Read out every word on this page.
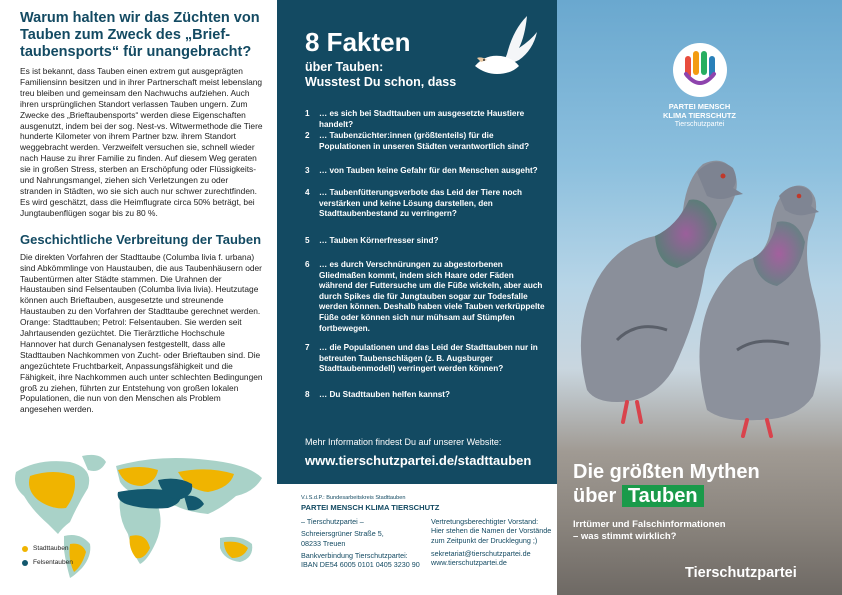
Warum halten wir das Züchten von Tauben zum Zweck des „Brieftaubensports“ für unangebracht?

Es ist bekannt, dass Tauben einen extrem gut ausgeprägten Familiensinn besitzen und in ihrer Partnerschaft meist lebenslang treu bleiben und gemeinsam den Nachwuchs aufziehen. Auch ihren ursprünglichen Standort verlassen Tauben ungern. Zum Zwecke des „Brieftaubensports“ werden diese Eigenschaften ausgenutzt, indem bei der sog. Nest-vs. Witwermethode die Tiere hunderte Kilometer von ihrem Partner bzw. ihrem Standort weggebracht werden. Verzweifelt versuchen sie, schnell wieder nach Hause zu ihrer Familie zu finden. Auf diesem Weg geraten sie in großen Stress, sterben an Erschöpfung oder Flüssigkeits- und Nahrungsmangel, ziehen sich Verletzungen zu oder stranden in Städten, wo sie sich auch nur schwer zurechtfinden. Es wird geschätzt, dass die Heimflugrate circa 50% beträgt, bei Jungtaubenflügen sogar bis zu 80 %.

Geschichtliche Verbreitung der Tauben

Die direkten Vorfahren der Stadttaube (Columba livia f. urbana) sind Abkömmlinge von Haustauben, die aus Taubenhäusern oder Taubentürmen alter Städte stammen. Die Urahnen der Haustauben sind Felsentauben (Columba livia livia). Heutzutage können auch Brieftauben, ausgesetzte und streunende Haustauben zu den Vorfahren der Stadttaube gerechnet werden. Orange: Stadttauben; Petrol: Felsentauben. Sie werden seit Jahrtausenden gezüchtet. Die Tierärztliche Hochschule Hannover hat durch Genanalysen festgestellt, dass alle Stadttauben Nachkommen von Zucht- oder Brieftauben sind. Die angezüchtete Fruchtbarkeit, Anpassungsfähigkeit und die Fähigkeit, ihre Nachkommen auch unter schlechten Bedingungen groß zu ziehen, führten zur Entstehung von großen lokalen Populationen, die nun von den Menschen als Problem angesehen werden.

Stadttauben
Felsentauben
8 Fakten
über Tauben:
Wusstest Du schon, dass
1	… es sich bei Stadttauben um ausgesetzte Haustiere handelt?
2	… Taubenzüchter:innen (größtenteils) für die Populationen in unseren Städten verantwortlich sind?
3	… von Tauben keine Gefahr für den Menschen ausgeht?
4	… Taubenfütterungsverbote das Leid der Tiere noch verstärken und keine Lösung darstellen, den Stadttaubenbestand zu verringern?
5	… Tauben Körnerfresser sind?
6	… es durch Verschnürungen zu abgestorbenen Gliedmaßen kommt, indem sich Haare oder Fäden während der Futtersuche um die Füße wickeln, aber auch durch Spikes die für Jungtauben sogar zur Todesfalle werden können. Deshalb haben viele Tauben verkrüppelte Füße oder können sich nur mühsam auf Stümpfen fortbewegen.
7	… die Populationen und das Leid der Stadttauben nur in betreuten Taubenschlägen (z. B. Augsburger Stadttaubenmodell) verringert werden können?
8	… Du Stadttauben helfen kannst?
Mehr Information findest Du auf unserer Website:
www.tierschutzpartei.de/stadttauben
V.i.S.d.P.: Bundesarbeitskreis Stadttauben
PARTEI MENSCH KLIMA TIERSCHUTZ
– Tierschutzpartei –
Schreiersgrüner Straße 5,
08233 Treuen
Bankverbindung Tierschutzpartei:
IBAN DE54 6005 0101 0405 3230 90
Vertretungsberechtigter Vorstand:
Hier stehen die Namen der Vorstände
zum Zeitpunkt der Drucklegung ;)
sekretariat@tierschutzpartei.de
www.tierschutzpartei.de
PARTEI MENSCH
KLIMA TIERSCHUTZ
Tierschutzpartei
Die größten Mythen
über Tauben
Irrtümer und Falschinformationen
– was stimmt wirklich?
Tierschutzpartei
